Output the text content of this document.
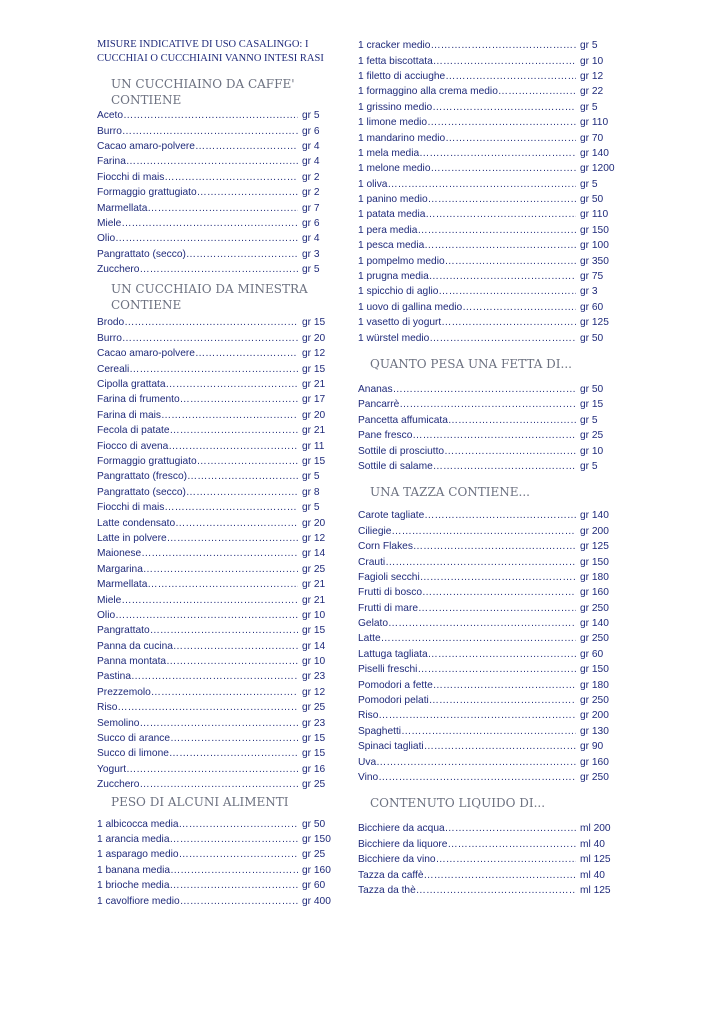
MISURE INDICATIVE DI USO CASALINGO: I CUCCHIAI O CUCCHIAINI VANNO INTESI RASI

UN CUCCHIAINO DA CAFFE' CONTIENE
Aceto ……………………………………………………………………………………………	gr 5
Burro ……………………………………………………………………………………………	gr 6
Cacao amaro-polvere ……………………………………………………………………………………………	gr 4
Farina ……………………………………………………………………………………………	gr 4
Fiocchi di mais ……………………………………………………………………………………………	gr 2
Formaggio grattugiato ……………………………………………………………………………………………	gr 2
Marmellata ……………………………………………………………………………………………	gr 7
Miele ……………………………………………………………………………………………	gr 6
Olio ……………………………………………………………………………………………	gr 4
Pangrattato (secco) ……………………………………………………………………………………………	gr 3
Zucchero ……………………………………………………………………………………………	gr 5
UN CUCCHIAIO DA MINESTRA CONTIENE
Brodo ……………………………………………………………………………………………	gr 15
Burro ……………………………………………………………………………………………	gr 20
Cacao amaro-polvere ……………………………………………………………………………………………	gr 12
Cereali ……………………………………………………………………………………………	gr 15
Cipolla grattata ……………………………………………………………………………………………	gr 21
Farina di frumento ……………………………………………………………………………………………	gr 17
Farina di mais ……………………………………………………………………………………………	gr 20
Fecola di patate ……………………………………………………………………………………………	gr 21
Fiocco di avena ……………………………………………………………………………………………	gr 11
Formaggio grattugiato ……………………………………………………………………………………………	gr 15
Pangrattato (fresco) ……………………………………………………………………………………………	gr 5
Pangrattato (secco) ……………………………………………………………………………………………	gr 8
Fiocchi di mais ……………………………………………………………………………………………	gr 5
Latte condensato ……………………………………………………………………………………………	gr 20
Latte in polvere ……………………………………………………………………………………………	gr 12
Maionese ……………………………………………………………………………………………	gr 14
Margarina ……………………………………………………………………………………………	gr 25
Marmellata ……………………………………………………………………………………………	gr 21
Miele ……………………………………………………………………………………………	gr 21
Olio ……………………………………………………………………………………………	gr 10
Pangrattato ……………………………………………………………………………………………	gr 15
Panna da cucina ……………………………………………………………………………………………	gr 14
Panna montata ……………………………………………………………………………………………	gr 10
Pastina ……………………………………………………………………………………………	gr 23
Prezzemolo ……………………………………………………………………………………………	gr 12
Riso ……………………………………………………………………………………………	gr 25
Semolino ……………………………………………………………………………………………	gr 23
Succo di arance ……………………………………………………………………………………………	gr 15
Succo di limone ……………………………………………………………………………………………	gr 15
Yogurt ……………………………………………………………………………………………	gr 16
Zucchero ……………………………………………………………………………………………	gr 25
PESO DI ALCUNI ALIMENTI
1 albicocca media ……………………………………………………………………………………………	gr 50
1 arancia media ……………………………………………………………………………………………	gr 150
1 asparago medio ……………………………………………………………………………………………	gr 25
1 banana media ……………………………………………………………………………………………	gr 160
1 brioche media ……………………………………………………………………………………………	gr 60
1 cavolfiore medio ……………………………………………………………………………………………	gr 400
1 cracker medio ……………………………………………………………………………………………	gr 5
1 fetta biscottata ……………………………………………………………………………………………	gr 10
1 filetto di acciughe ……………………………………………………………………………………………	gr 12
1 formaggino alla crema medio ……………………………………………………………………………………………	gr 22
1 grissino medio ……………………………………………………………………………………………	gr 5
1 limone medio ……………………………………………………………………………………………	gr 110
1 mandarino medio ……………………………………………………………………………………………	gr 70
1 mela media ……………………………………………………………………………………………	gr 140
1 melone medio ……………………………………………………………………………………………	gr 1200
1 oliva ……………………………………………………………………………………………	gr 5
1 panino medio ……………………………………………………………………………………………	gr 50
1 patata media ……………………………………………………………………………………………	gr 110
1 pera media ……………………………………………………………………………………………	gr 150
1 pesca media ……………………………………………………………………………………………	gr 100
1 pompelmo medio ……………………………………………………………………………………………	gr 350
1 prugna media ……………………………………………………………………………………………	gr 75
1 spicchio di aglio ……………………………………………………………………………………………	gr 3
1 uovo di gallina medio ……………………………………………………………………………………………	gr 60
1 vasetto di yogurt ……………………………………………………………………………………………	gr 125
1 würstel medio ……………………………………………………………………………………………	gr 50
QUANTO PESA UNA FETTA DI...
Ananas ……………………………………………………………………………………………	gr 50
Pancarrè ……………………………………………………………………………………………	gr 15
Pancetta affumicata ……………………………………………………………………………………………	gr 5
Pane fresco ……………………………………………………………………………………………	gr 25
Sottile di prosciutto ……………………………………………………………………………………………	gr 10
Sottile di salame ……………………………………………………………………………………………	gr 5
UNA TAZZA CONTIENE...
Carote tagliate ……………………………………………………………………………………………	gr 140
Ciliegie ……………………………………………………………………………………………	gr 200
Corn Flakes ……………………………………………………………………………………………	gr 125
Crauti ……………………………………………………………………………………………	gr 150
Fagioli secchi ……………………………………………………………………………………………	gr 180
Frutti di bosco ……………………………………………………………………………………………	gr 160
Frutti di mare ……………………………………………………………………………………………	gr 250
Gelato ……………………………………………………………………………………………	gr 140
Latte ……………………………………………………………………………………………	gr 250
Lattuga tagliata ……………………………………………………………………………………………	gr 60
Piselli freschi ……………………………………………………………………………………………	gr 150
Pomodori a fette ……………………………………………………………………………………………	gr 180
Pomodori pelati ……………………………………………………………………………………………	gr 250
Riso ……………………………………………………………………………………………	gr 200
Spaghetti ……………………………………………………………………………………………	gr 130
Spinaci tagliati ……………………………………………………………………………………………	gr 90
Uva ……………………………………………………………………………………………	gr 160
Vino ……………………………………………………………………………………………	gr 250
CONTENUTO LIQUIDO DI...
Bicchiere da acqua ……………………………………………………………………………………………	ml 200
Bicchiere da liquore ……………………………………………………………………………………………	ml 40
Bicchiere da vino ……………………………………………………………………………………………	ml 125
Tazza da caffè ……………………………………………………………………………………………	ml 40
Tazza da thè ……………………………………………………………………………………………	ml 125
